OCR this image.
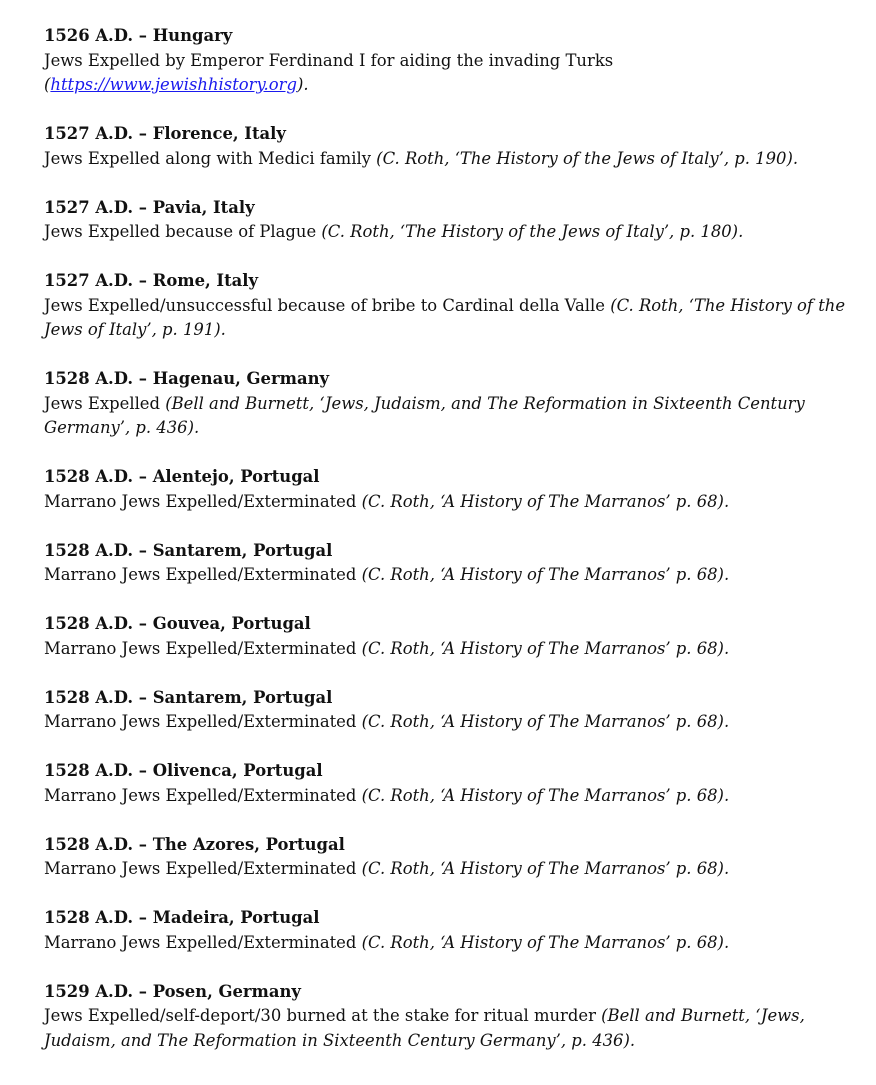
1526 A.D. – Hungary
Jews Expelled by Emperor Ferdinand I for aiding the invading Turks (https://www.jewishhistory.org).
1527 A.D. – Florence, Italy
Jews Expelled along with Medici family (C. Roth, ‘The History of the Jews of Italy’, p. 190).
1527 A.D. – Pavia, Italy
Jews Expelled because of Plague (C. Roth, ‘The History of the Jews of Italy’, p. 180).
1527 A.D. – Rome, Italy
Jews Expelled/unsuccessful because of bribe to Cardinal della Valle (C. Roth, ‘The History of the Jews of Italy’, p. 191).
1528 A.D. – Hagenau, Germany
Jews Expelled (Bell and Burnett, ‘Jews, Judaism, and The Reformation in Sixteenth Century Germany’, p. 436).
1528 A.D. – Alentejo, Portugal
Marrano Jews Expelled/Exterminated (C. Roth, ‘A History of The Marranos’ p. 68).
1528 A.D. – Santarem, Portugal
Marrano Jews Expelled/Exterminated (C. Roth, ‘A History of The Marranos’ p. 68).
1528 A.D. – Gouvea, Portugal
Marrano Jews Expelled/Exterminated (C. Roth, ‘A History of The Marranos’ p. 68).
1528 A.D. – Santarem, Portugal
Marrano Jews Expelled/Exterminated (C. Roth, ‘A History of The Marranos’ p. 68).
1528 A.D. – Olivenca, Portugal
Marrano Jews Expelled/Exterminated (C. Roth, ‘A History of The Marranos’ p. 68).
1528 A.D. – The Azores, Portugal
Marrano Jews Expelled/Exterminated (C. Roth, ‘A History of The Marranos’ p. 68).
1528 A.D. – Madeira, Portugal
Marrano Jews Expelled/Exterminated (C. Roth, ‘A History of The Marranos’ p. 68).
1529 A.D. – Posen, Germany
Jews Expelled/self-deport/30 burned at the stake for ritual murder (Bell and Burnett, ‘Jews, Judaism, and The Reformation in Sixteenth Century Germany’, p. 436).
